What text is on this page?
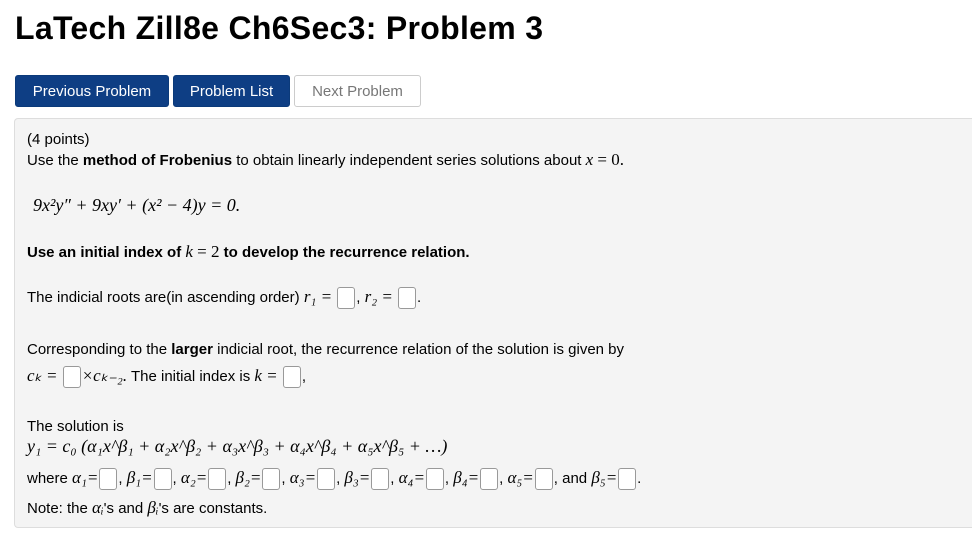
LaTech Zill8e Ch6Sec3: Problem 3
Previous Problem	Problem List	Next Problem
(4 points)
Use the method of Frobenius to obtain linearly independent series solutions about x = 0.
9x²y″ + 9xy′ + (x² − 4)y = 0.
Use an initial index of k = 2 to develop the recurrence relation.
The indicial roots are(in ascending order) r₁ = , r₂ = .
Corresponding to the larger indicial root, the recurrence relation of the solution is given by
cₖ = ×cₖ₋₂. The initial index is k = ,
The solution is
y₁ = c₀ (α₁x^β₁ + α₂x^β₂ + α₃x^β₃ + α₄x^β₄ + α₅x^β₅ + …)
where α₁= , β₁= , α₂= , β₂= , α₃= , β₃= , α₄= , β₄= , α₅= , and β₅= .
Note: the αᵢ's and βᵢ's are constants.
